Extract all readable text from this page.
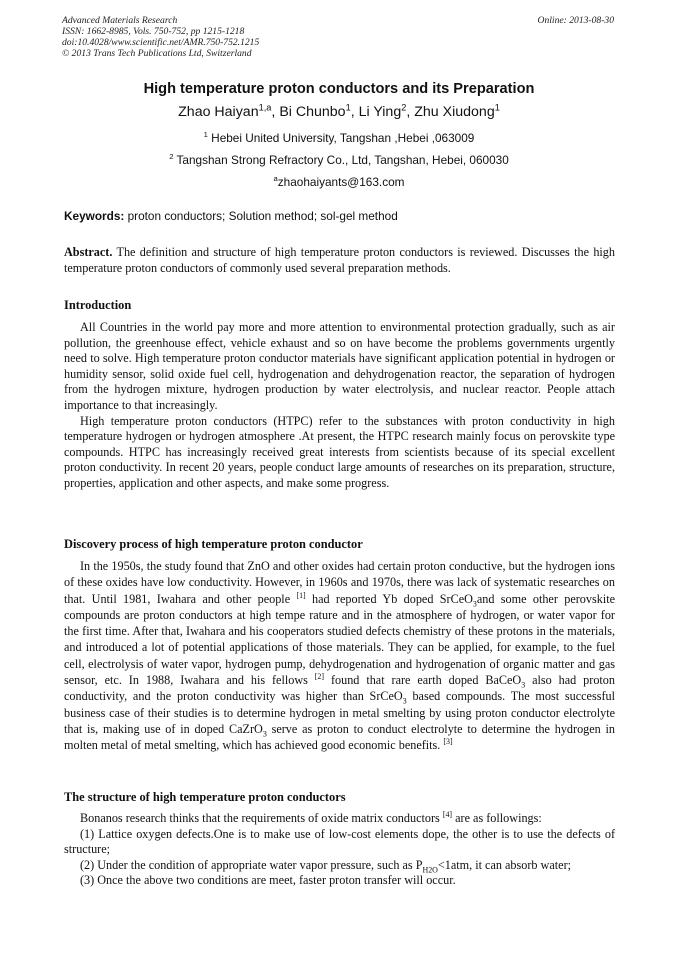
Advanced Materials Research
ISSN: 1662-8985, Vols. 750-752, pp 1215-1218
doi:10.4028/www.scientific.net/AMR.750-752.1215
© 2013 Trans Tech Publications Ltd, Switzerland
Online: 2013-08-30
High temperature proton conductors and its Preparation
Zhao Haiyan$^{1,a}$, Bi Chunbo$^1$, Li Ying$^2$, Zhu Xiudong$^1$
$^1$ Hebei United University, Tangshan ,Hebei ,063009
$^2$ Tangshan Strong Refractory Co., Ltd, Tangshan, Hebei, 060030
$^a$zhaohaiyants@163.com
Keywords: proton conductors; Solution method; sol-gel method

Abstract. The definition and structure of high temperature proton conductors is reviewed. Discusses the high temperature proton conductors of commonly used several preparation methods.

Introduction

All Countries in the world pay more and more attention to environmental protection gradually, such as air pollution, the greenhouse effect, vehicle exhaust and so on have become the problems governments urgently need to solve. High temperature proton conductor materials have significant application potential in hydrogen or humidity sensor, solid oxide fuel cell, hydrogenation and dehydrogenation reactor, the separation of hydrogen from the hydrogen mixture, hydrogen production by water electrolysis, and nuclear reactor. People attach importance to that increasingly.

High temperature proton conductors (HTPC) refer to the substances with proton conductivity in high temperature hydrogen or hydrogen atmosphere .At present, the HTPC research mainly focus on perovskite type compounds. HTPC has increasingly received great interests from scientists because of its special excellent proton conductivity. In recent 20 years, people conduct large amounts of researches on its preparation, structure, properties, application and other aspects, and make some progress.

Discovery process of high temperature proton conductor

In the 1950s, the study found that ZnO and other oxides had certain proton conductive, but the hydrogen ions of these oxides have low conductivity. However, in 1960s and 1970s, there was lack of systematic researches on that. Until 1981, Iwahara and other people [1] had reported Yb doped SrCeO$_3$and some other perovskite compounds are proton conductors at high tempe rature and in the atmosphere of hydrogen, or water vapor for the first time. After that, Iwahara and his cooperators studied defects chemistry of these protons in the materials, and introduced a lot of potential applications of those materials. They can be applied, for example, to the fuel cell, electrolysis of water vapor, hydrogen pump, dehydrogenation and hydrogenation of organic matter and gas sensor, etc. In 1988, Iwahara and his fellows [2] found that rare earth doped BaCeO$_3$ also had proton conductivity, and the proton conductivity was higher than SrCeO$_3$ based compounds. The most successful business case of their studies is to determine hydrogen in metal smelting by using proton conductor electrolyte that is, making use of in doped CaZrO$_3$ serve as proton to conduct electrolyte to determine the hydrogen in molten metal of metal smelting, which has achieved good economic benefits. [3]

The structure of high temperature proton conductors

Bonanos research thinks that the requirements of oxide matrix conductors [4] are as followings:

(1) Lattice oxygen defects.One is to make use of low-cost elements dope, the other is to use the defects of structure;

(2) Under the condition of appropriate water vapor pressure, such as $P_{H2O}<1atm$, it can absorb water;

(3) Once the above two conditions are meet, faster proton transfer will occur.
